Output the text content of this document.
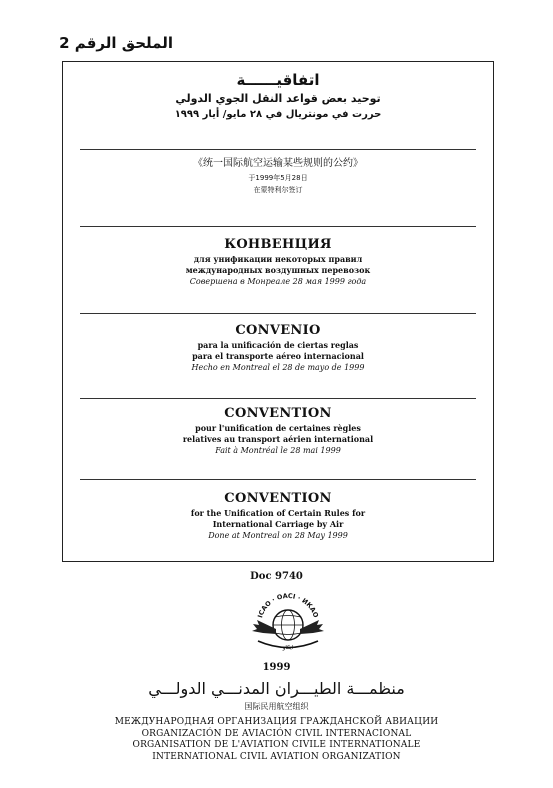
الملحق الرقم 2
اتفاقيــــــة
توحيد بعض قواعد النقل الجوي الدولي
حررت في مونتريال في ٢٨ مايو/ أيار ١٩٩٩
《统一国际航空运输某些规则的公约》
于1999年5月28日
在蒙特利尔签订
КОНВЕНЦИЯ
для унификации некоторых правил
международных воздушных перевозок
Совершена в Монреале 28 мая 1999 года
CONVENIO
para la unificación de ciertas reglas
para el transporte aéreo internacional
Hecho en Montreal el 28 de mayo de 1999
CONVENTION
pour l'unification de certaines règles
relatives au transport aérien international
Fait à Montréal le 28 mai 1999
CONVENTION
for the Unification of Certain Rules for
International Carriage by Air
Done at Montreal on 28 May 1999
Doc 9740
ICAO · OACI · ИКАО
ايكاو
1999
منظمـــة الطيـــران المدنـــي الدولـــي
国际民用航空组织
МЕЖДУНАРОДНАЯ ОРГАНИЗАЦИЯ ГРАЖДАНСКОЙ АВИАЦИИ
ORGANIZACIÓN DE AVIACIÓN CIVIL INTERNACIONAL
ORGANISATION DE L'AVIATION CIVILE INTERNATIONALE
INTERNATIONAL CIVIL AVIATION ORGANIZATION
